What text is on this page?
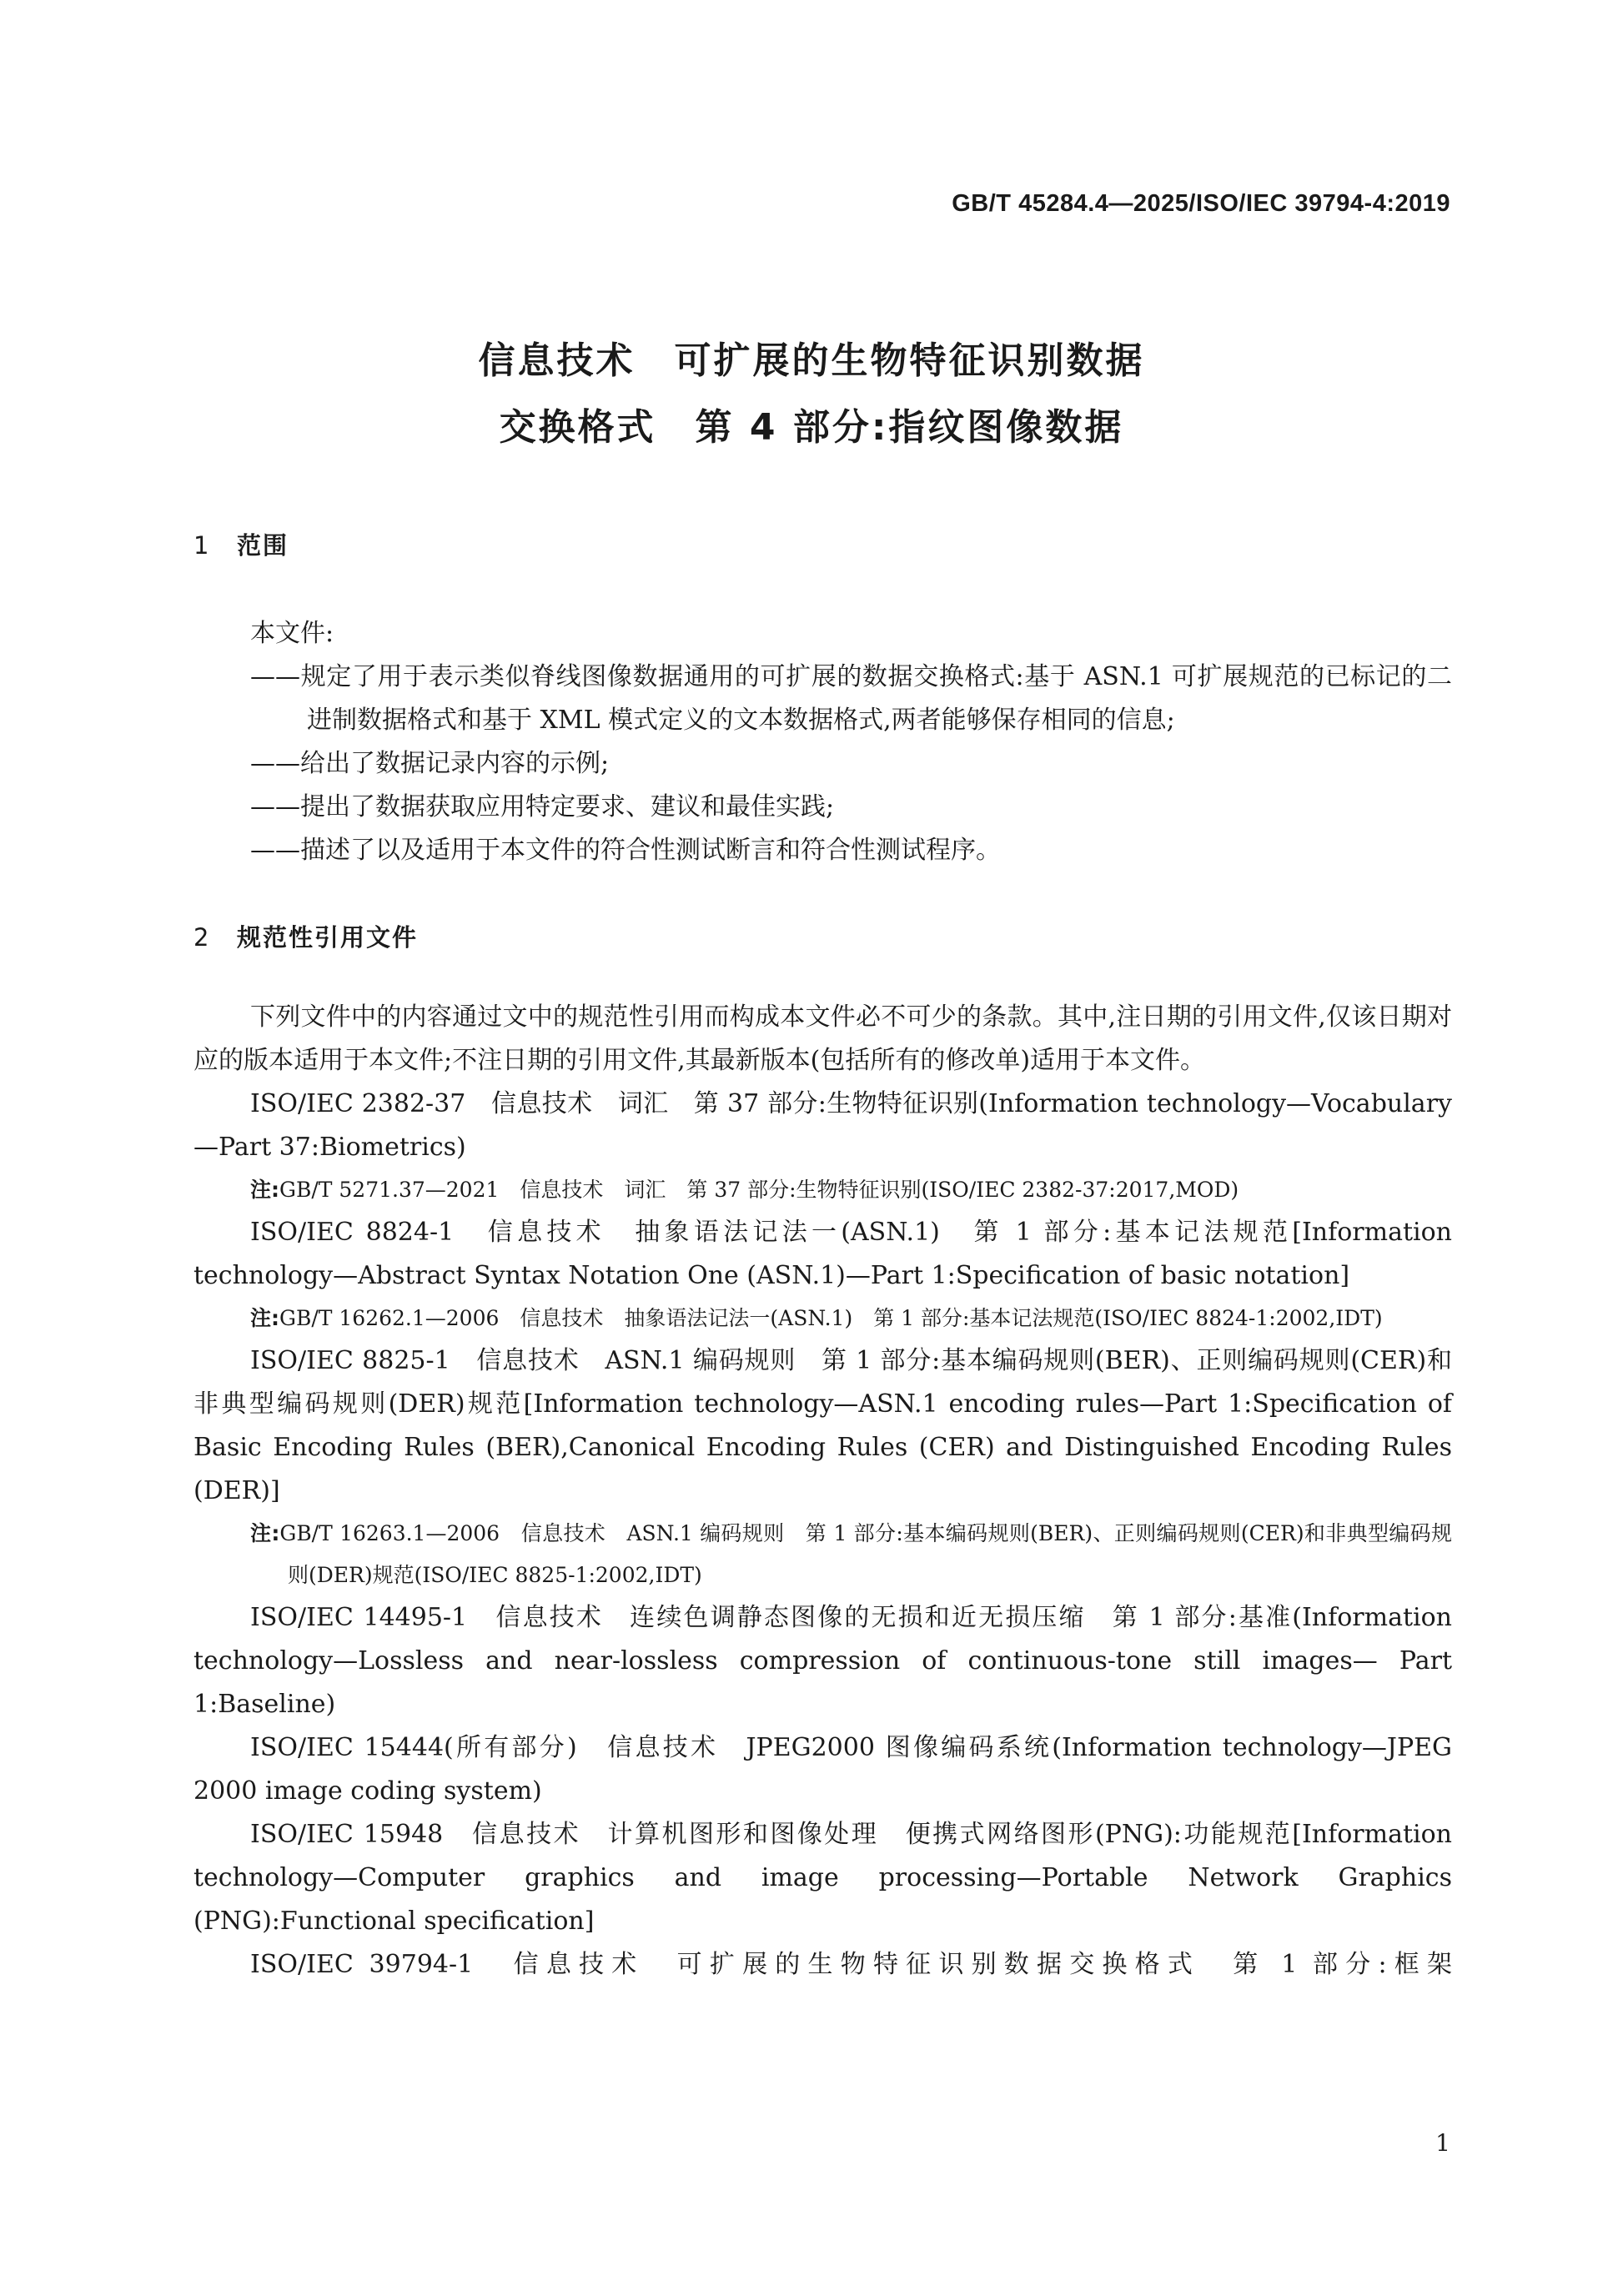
GB/T 45284.4—2025/ISO/IEC 39794-4:2019
信息技术　可扩展的生物特征识别数据
交换格式　第 4 部分:指纹图像数据
1 范围

本文件:

——规定了用于表示类似脊线图像数据通用的可扩展的数据交换格式:基于 ASN.1 可扩展规范的已标记的二进制数据格式和基于 XML 模式定义的文本数据格式,两者能够保存相同的信息;

——给出了数据记录内容的示例;

——提出了数据获取应用特定要求、建议和最佳实践;

——描述了以及适用于本文件的符合性测试断言和符合性测试程序。

2 规范性引用文件

下列文件中的内容通过文中的规范性引用而构成本文件必不可少的条款。其中,注日期的引用文件,仅该日期对应的版本适用于本文件;不注日期的引用文件,其最新版本(包括所有的修改单)适用于本文件。

ISO/IEC 2382-37　信息技术　词汇　第 37 部分:生物特征识别(Information technology—Vocabulary—Part 37:Biometrics)

注:GB/T 5271.37—2021　信息技术　词汇　第 37 部分:生物特征识别(ISO/IEC 2382-37:2017,MOD)

ISO/IEC 8824-1　信息技术　抽象语法记法一(ASN.1)　第 1 部分:基本记法规范[Information technology—Abstract Syntax Notation One (ASN.1)—Part 1:Specification of basic notation]

注:GB/T 16262.1—2006　信息技术　抽象语法记法一(ASN.1)　第 1 部分:基本记法规范(ISO/IEC 8824-1:2002,IDT)

ISO/IEC 8825-1　信息技术　ASN.1 编码规则　第 1 部分:基本编码规则(BER)、正则编码规则(CER)和非典型编码规则(DER)规范[Information technology—ASN.1 encoding rules—Part 1:Specification of Basic Encoding Rules (BER),Canonical Encoding Rules (CER) and Distinguished Encoding Rules (DER)]

注:GB/T 16263.1—2006　信息技术　ASN.1 编码规则　第 1 部分:基本编码规则(BER)、正则编码规则(CER)和非典型编码规则(DER)规范(ISO/IEC 8825-1:2002,IDT)

ISO/IEC 14495-1　信息技术　连续色调静态图像的无损和近无损压缩　第 1 部分:基准(Information technology—Lossless and near-lossless compression of continuous-tone still images— Part 1:Baseline)

ISO/IEC 15444(所有部分)　信息技术　JPEG2000 图像编码系统(Information technology—JPEG 2000 image coding system)

ISO/IEC 15948　信息技术　计算机图形和图像处理　便携式网络图形(PNG):功能规范[Information technology—Computer graphics and image processing—Portable Network Graphics (PNG):Functional specification]

ISO/IEC 39794-1　信息技术　可扩展的生物特征识别数据交换格式　第 1 部分:框架

1
